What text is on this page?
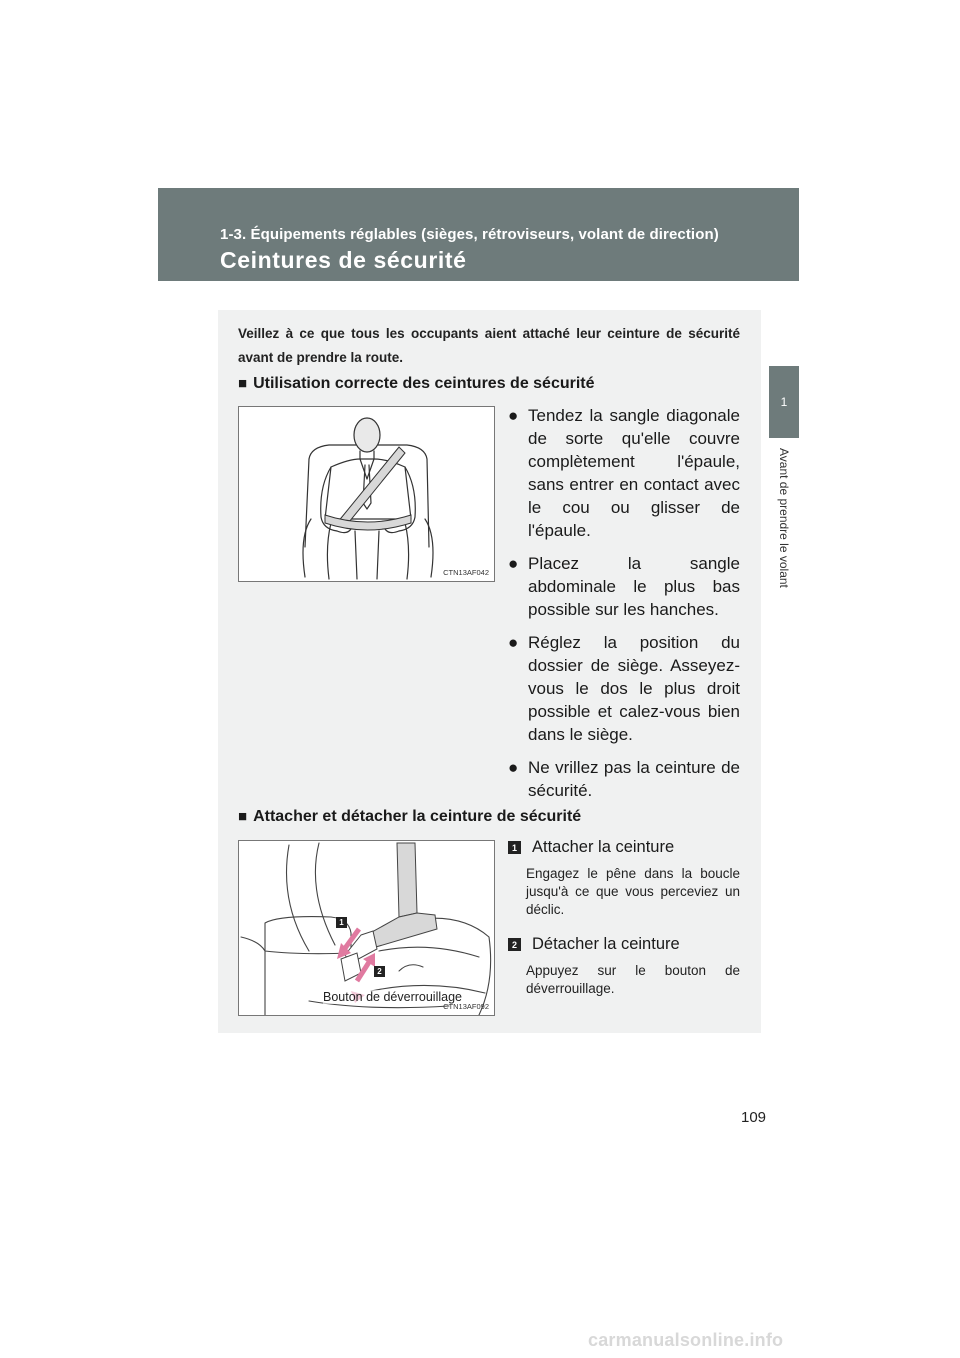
1-3. Équipements réglables (sièges, rétroviseurs, volant de direction)
Ceintures de sécurité
1
Avant de prendre le volant
Veillez à ce que tous les occupants aient attaché leur ceinture de sécurité avant de prendre la route.
■ Utilisation correcte des ceintures de sécurité
CTN13AF042
● Tendez la sangle diagonale de sorte qu'elle couvre complètement l'épaule, sans entrer en contact avec le cou ou glisser de l'épaule.
● Placez la sangle abdominale le plus bas possible sur les hanches.
● Réglez la position du dossier de siège. Asseyez-vous le dos le plus droit possible et calez-vous bien dans le siège.
● Ne vrillez pas la ceinture de sécurité.
■ Attacher et détacher la ceinture de sécurité
1
2
Bouton de déverrouillage
CTN13AF092
1 Attacher la ceinture
Engagez le pêne dans la boucle jusqu'à ce que vous perceviez un déclic.
2 Détacher la ceinture
Appuyez sur le bouton de déverrouillage.
109
carmanualsonline.info
